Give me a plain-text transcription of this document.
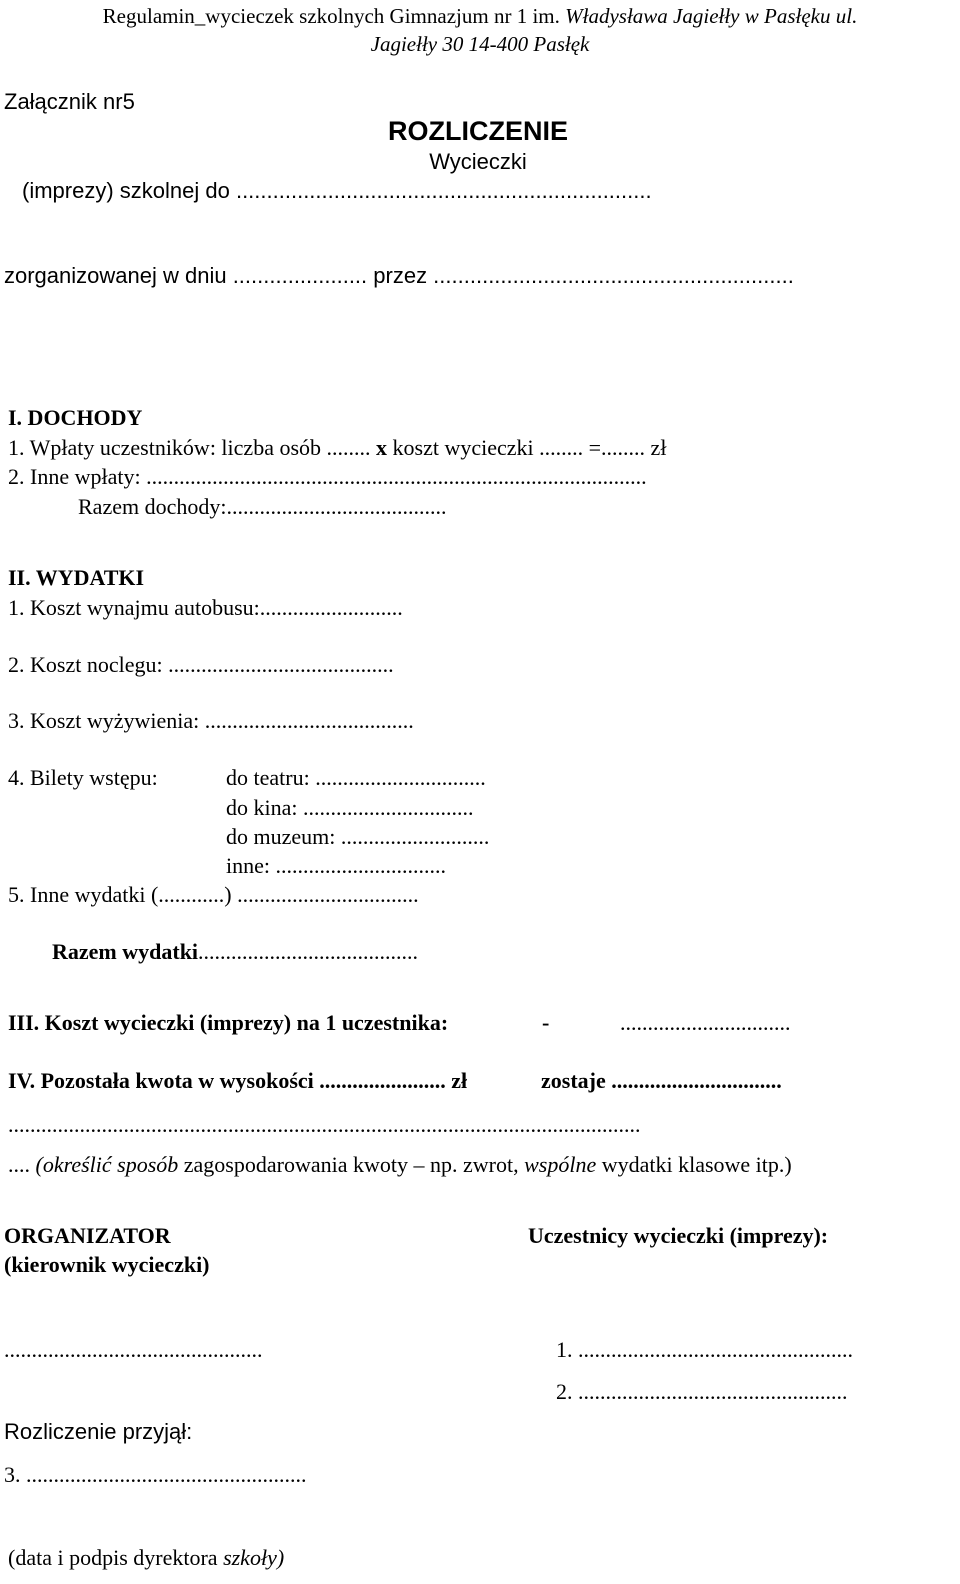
Regulamin_wycieczek szkolnych Gimnazjum nr 1 im. Władysława Jagiełły w Pasłęku ul.
Jagiełły 30 14-400 Pasłęk
Załącznik nr5
ROZLICZENIE
Wycieczki
(imprezy) szkolnej do ....................................................................
zorganizowanej w dniu ...................... przez ...........................................................
I. DOCHODY
1. Wpłaty uczestników: liczba osób ........ x koszt wycieczki ........ =........ zł
2. Inne wpłaty: ...........................................................................................
Razem dochody:........................................
II. WYDATKI
1. Koszt wynajmu autobusu:..........................
2. Koszt noclegu: .........................................
3. Koszt wyżywienia: ......................................
4. Bilety wstępu:	do teatru: ...............................
do kina: ...............................
do muzeum: ...........................
inne: ...............................
5. Inne wydatki (............) .................................
Razem wydatki........................................
III. Koszt wycieczki (imprezy) na 1 uczestnika:	-	...............................
IV. Pozostała kwota w wysokości ....................... zł	zostaje ...............................
...................................................................................................................
.... (określić sposób zagospodarowania kwoty – np. zwrot, wspólne wydatki klasowe itp.)
ORGANIZATOR
(kierownik wycieczki)
Uczestnicy wycieczki (imprezy):
...............................................	1. ..................................................
2. .................................................
Rozliczenie przyjął:
3. ...................................................
(data i podpis dyrektora szkoły)
